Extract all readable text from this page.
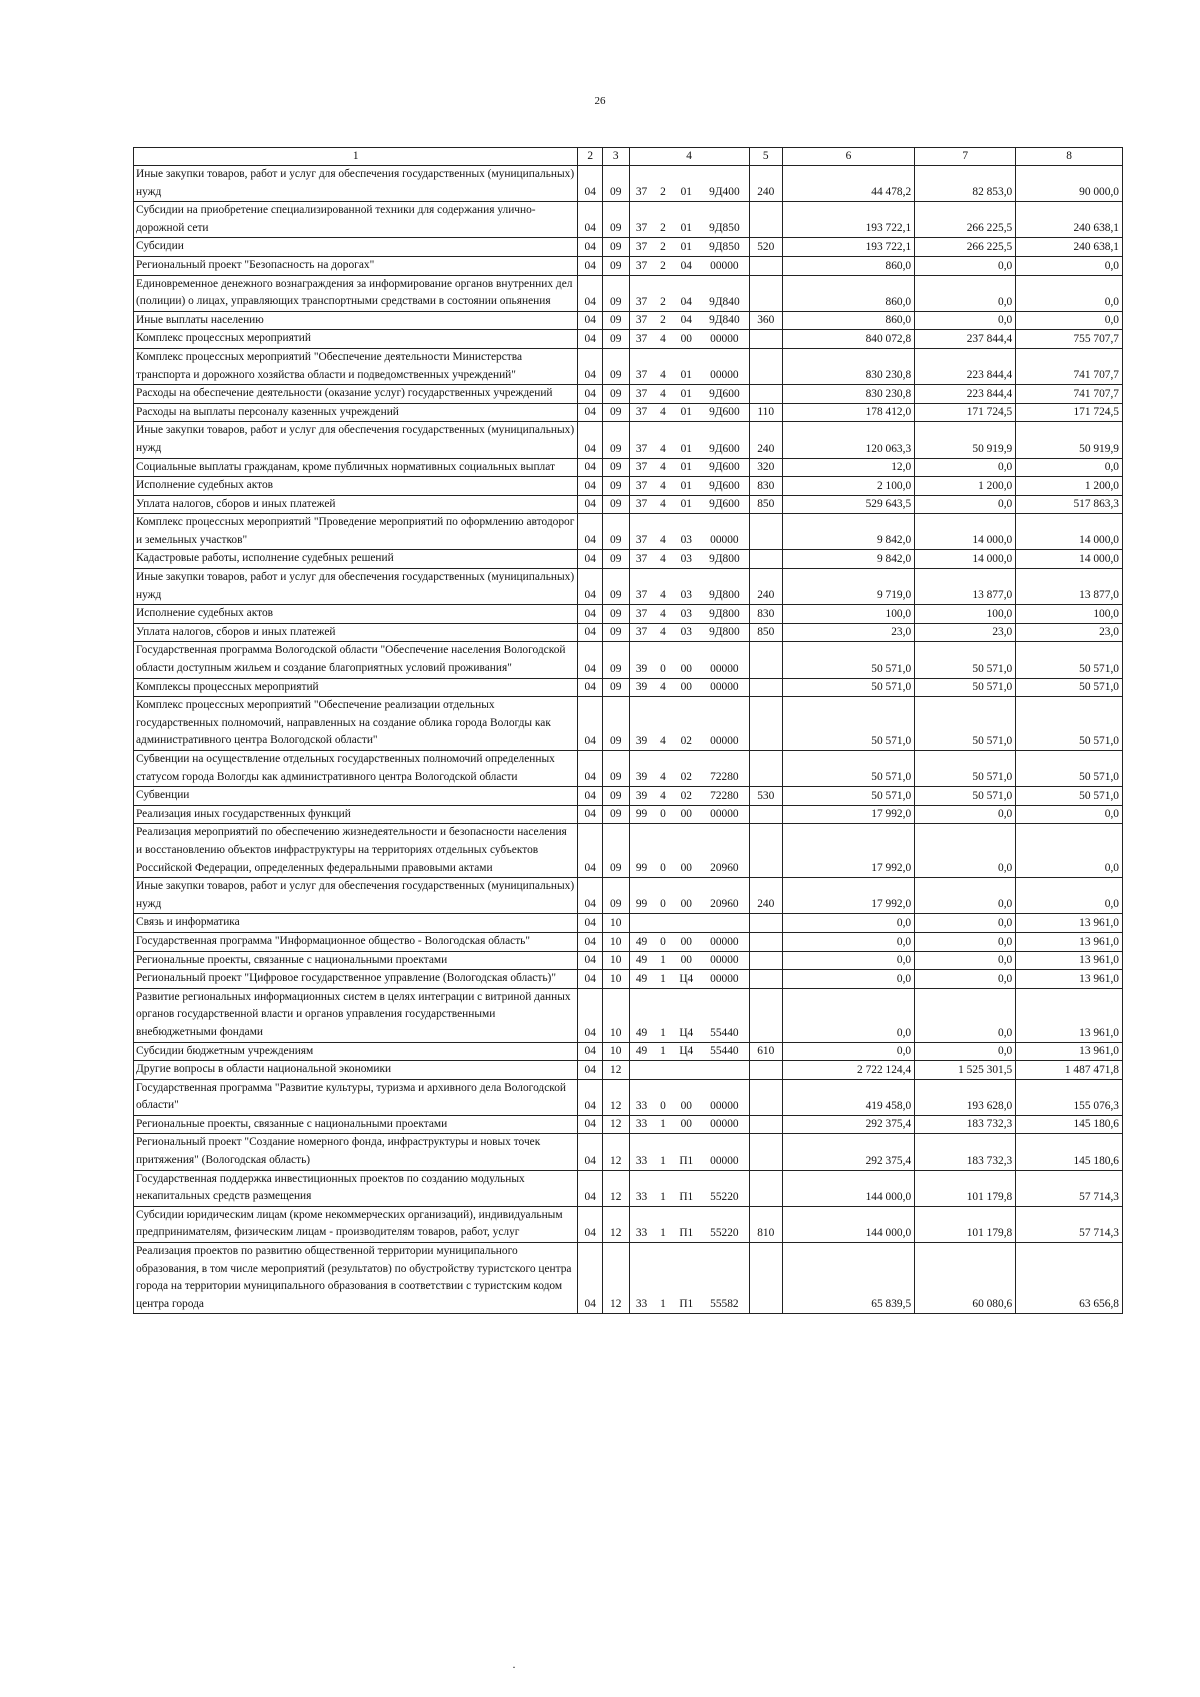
26
1	2	3	4				5	6	7	8
Иные закупки товаров, работ и услуг для обеспечения государственных (муниципальных) нужд	04	09	37	2	01	9Д400	240	44 478,2	82 853,0	90 000,0
Субсидии на приобретение специализированной техники для содержания улично-дорожной сети	04	09	37	2	01	9Д850		193 722,1	266 225,5	240 638,1
Субсидии	04	09	37	2	01	9Д850	520	193 722,1	266 225,5	240 638,1
Региональный проект "Безопасность на дорогах"	04	09	37	2	04	00000		860,0	0,0	0,0
Единовременное денежного вознаграждения за информирование органов внутренних дел (полиции) о лицах, управляющих транспортными средствами в состоянии опьянения	04	09	37	2	04	9Д840		860,0	0,0	0,0
Иные выплаты населению	04	09	37	2	04	9Д840	360	860,0	0,0	0,0
Комплекс процессных мероприятий	04	09	37	4	00	00000		840 072,8	237 844,4	755 707,7
Комплекс процессных мероприятий "Обеспечение деятельности Министерства транспорта и дорожного хозяйства области и подведомственных учреждений"	04	09	37	4	01	00000		830 230,8	223 844,4	741 707,7
Расходы на обеспечение деятельности (оказание услуг) государственных учреждений	04	09	37	4	01	9Д600		830 230,8	223 844,4	741 707,7
Расходы на выплаты персоналу казенных учреждений	04	09	37	4	01	9Д600	110	178 412,0	171 724,5	171 724,5
Иные закупки товаров, работ и услуг для обеспечения государственных (муниципальных) нужд	04	09	37	4	01	9Д600	240	120 063,3	50 919,9	50 919,9
Социальные выплаты гражданам, кроме публичных нормативных социальных выплат	04	09	37	4	01	9Д600	320	12,0	0,0	0,0
Исполнение судебных актов	04	09	37	4	01	9Д600	830	2 100,0	1 200,0	1 200,0
Уплата налогов, сборов и иных платежей	04	09	37	4	01	9Д600	850	529 643,5	0,0	517 863,3
Комплекс процессных мероприятий "Проведение мероприятий по оформлению автодорог и земельных участков"	04	09	37	4	03	00000		9 842,0	14 000,0	14 000,0
Кадастровые работы, исполнение судебных решений	04	09	37	4	03	9Д800		9 842,0	14 000,0	14 000,0
Иные закупки товаров, работ и услуг для обеспечения государственных (муниципальных) нужд	04	09	37	4	03	9Д800	240	9 719,0	13 877,0	13 877,0
Исполнение судебных актов	04	09	37	4	03	9Д800	830	100,0	100,0	100,0
Уплата налогов, сборов и иных платежей	04	09	37	4	03	9Д800	850	23,0	23,0	23,0
Государственная программа Вологодской области "Обеспечение населения Вологодской области доступным жильем и создание благоприятных условий проживания"	04	09	39	0	00	00000		50 571,0	50 571,0	50 571,0
Комплексы процессных мероприятий	04	09	39	4	00	00000		50 571,0	50 571,0	50 571,0
Комплекс процессных мероприятий "Обеспечение реализации отдельных государственных полномочий, направленных на создание облика города Вологды как административного центра Вологодской области"	04	09	39	4	02	00000		50 571,0	50 571,0	50 571,0
Субвенции на осуществление отдельных государственных полномочий определенных статусом города Вологды как административного центра Вологодской области	04	09	39	4	02	72280		50 571,0	50 571,0	50 571,0
Субвенции	04	09	39	4	02	72280	530	50 571,0	50 571,0	50 571,0
Реализация иных государственных функций	04	09	99	0	00	00000		17 992,0	0,0	0,0
Реализация мероприятий по обеспечению жизнедеятельности и безопасности населения и восстановлению объектов инфраструктуры на территориях отдельных субъектов Российской Федерации, определенных федеральными правовыми актами	04	09	99	0	00	20960		17 992,0	0,0	0,0
Иные закупки товаров, работ и услуг для обеспечения государственных (муниципальных) нужд	04	09	99	0	00	20960	240	17 992,0	0,0	0,0
Связь и информатика	04	10						0,0	0,0	13 961,0
Государственная программа "Информационное общество - Вологодская область"	04	10	49	0	00	00000		0,0	0,0	13 961,0
Региональные проекты, связанные с национальными проектами	04	10	49	1	00	00000		0,0	0,0	13 961,0
Региональный проект "Цифровое государственное управление (Вологодская область)"	04	10	49	1	Ц4	00000		0,0	0,0	13 961,0
Развитие региональных информационных систем в целях интеграции с витриной данных органов государственной власти и органов управления государственными внебюджетными фондами	04	10	49	1	Ц4	55440		0,0	0,0	13 961,0
Субсидии бюджетным учреждениям	04	10	49	1	Ц4	55440	610	0,0	0,0	13 961,0
Другие вопросы в области национальной экономики	04	12						2 722 124,4	1 525 301,5	1 487 471,8
Государственная программа "Развитие культуры, туризма и архивного дела Вологодской области"	04	12	33	0	00	00000		419 458,0	193 628,0	155 076,3
Региональные проекты, связанные с национальными проектами	04	12	33	1	00	00000		292 375,4	183 732,3	145 180,6
Региональный проект "Создание номерного фонда, инфраструктуры и новых точек притяжения" (Вологодская область)	04	12	33	1	П1	00000		292 375,4	183 732,3	145 180,6
Государственная поддержка инвестиционных проектов по созданию модульных некапитальных средств размещения	04	12	33	1	П1	55220		144 000,0	101 179,8	57 714,3
Субсидии юридическим лицам (кроме некоммерческих организаций), индивидуальным предпринимателям, физическим лицам - производителям товаров, работ, услуг	04	12	33	1	П1	55220	810	144 000,0	101 179,8	57 714,3
Реализация проектов по развитию общественной территории муниципального образования, в том числе мероприятий (результатов) по обустройству туристского центра города на территории муниципального образования в соответствии с туристским кодом центра города	04	12	33	1	П1	55582		65 839,5	60 080,6	63 656,8
·
